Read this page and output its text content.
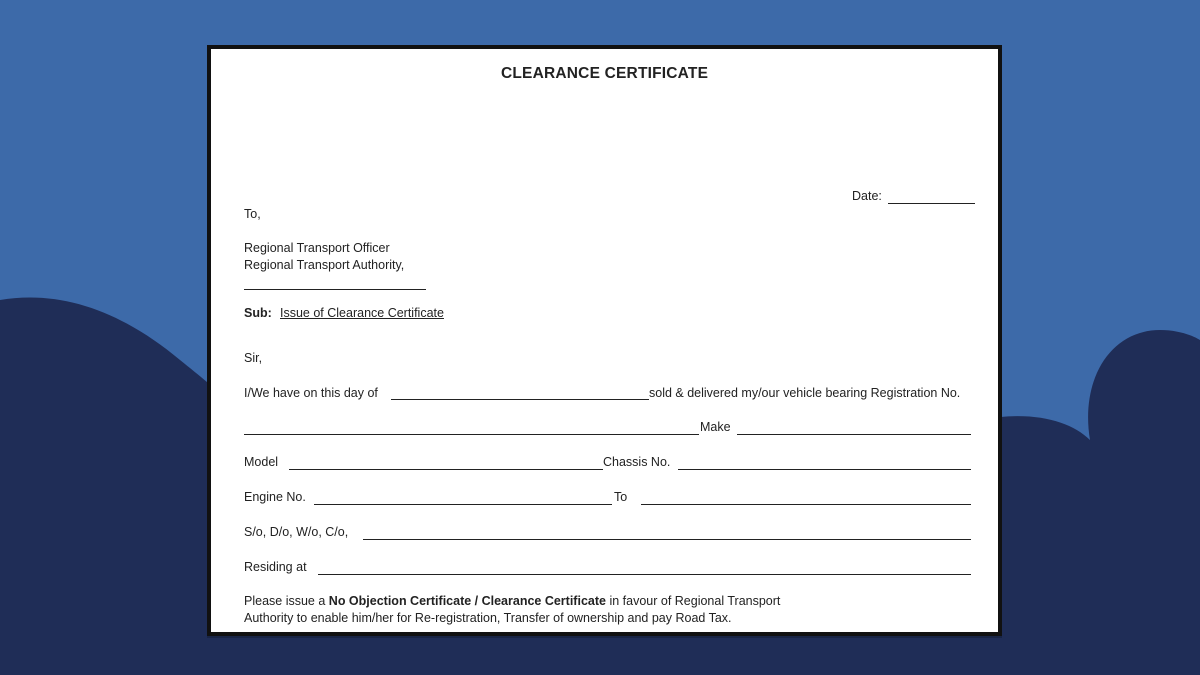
CLEARANCE CERTIFICATE
Date:
To,
Regional Transport Officer
Regional Transport Authority,
Sub: Issue of Clearance Certificate
Sir,
I/We have on this day of	sold & delivered my/our vehicle bearing Registration No.
Make
Model	Chassis No.
Engine No.	To
S/o, D/o, W/o, C/o,
Residing at
Please issue a No Objection Certificate / Clearance Certificate in favour of Regional Transport
Authority to enable him/her for Re-registration, Transfer of ownership and pay Road Tax.
